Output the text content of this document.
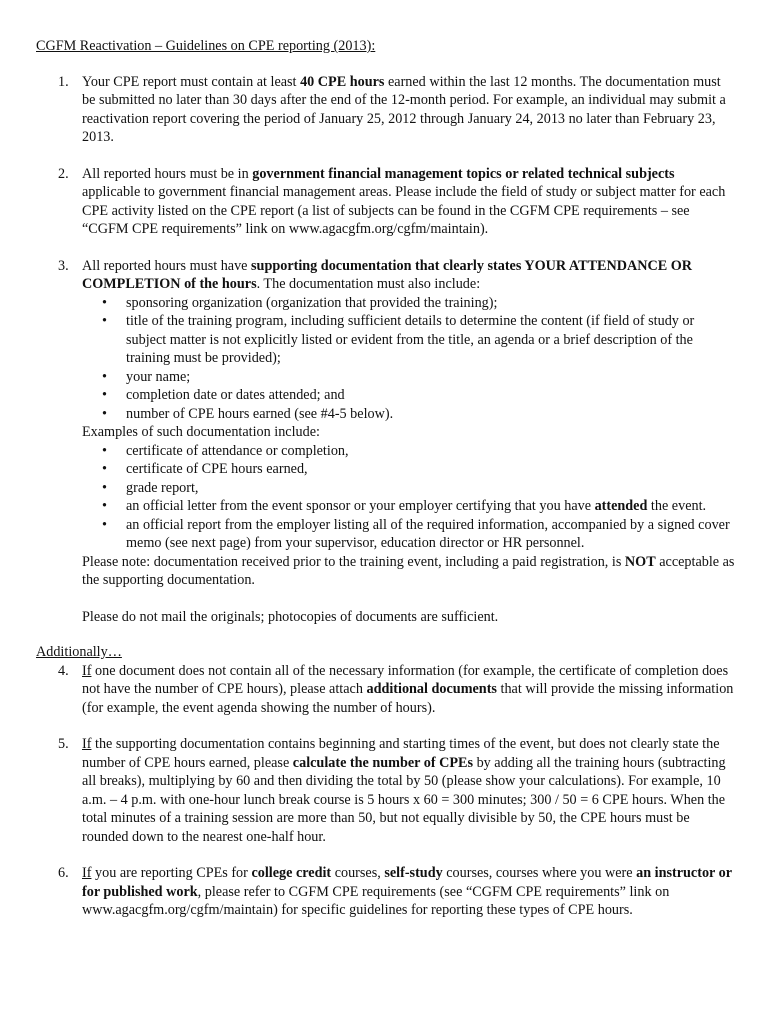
CGFM Reactivation – Guidelines on CPE reporting (2013):
1. Your CPE report must contain at least 40 CPE hours earned within the last 12 months. The documentation must be submitted no later than 30 days after the end of the 12-month period. For example, an individual may submit a reactivation report covering the period of January 25, 2012 through January 24, 2013 no later than February 23, 2013.

2. All reported hours must be in government financial management topics or related technical subjects applicable to government financial management areas. Please include the field of study or subject matter for each CPE activity listed on the CPE report (a list of subjects can be found in the CGFM CPE requirements – see “CGFM CPE requirements” link on www.agacgfm.org/cgfm/maintain).

3. All reported hours must have supporting documentation that clearly states YOUR ATTENDANCE OR COMPLETION of the hours. The documentation must also include:

• sponsoring organization (organization that provided the training);
• title of the training program, including sufficient details to determine the content (if field of study or subject matter is not explicitly listed or evident from the title, an agenda or a brief description of the training must be provided);
• your name;
• completion date or dates attended; and
• number of CPE hours earned (see #4-5 below).

Examples of such documentation include:

• certificate of attendance or completion,
• certificate of CPE hours earned,
• grade report,
• an official letter from the event sponsor or your employer certifying that you have attended the event.
• an official report from the employer listing all of the required information, accompanied by a signed cover memo (see next page) from your supervisor, education director or HR personnel.

Please note: documentation received prior to the training event, including a paid registration, is NOT acceptable as the supporting documentation.

Please do not mail the originals; photocopies of documents are sufficient.

Additionally…
4. If one document does not contain all of the necessary information (for example, the certificate of completion does not have the number of CPE hours), please attach additional documents that will provide the missing information (for example, the event agenda showing the number of hours).

5. If the supporting documentation contains beginning and starting times of the event, but does not clearly state the number of CPE hours earned, please calculate the number of CPEs by adding all the training hours (subtracting all breaks), multiplying by 60 and then dividing the total by 50 (please show your calculations). For example, 10 a.m. – 4 p.m. with one-hour lunch break course is 5 hours x 60 = 300 minutes; 300 / 50 = 6 CPE hours. When the total minutes of a training session are more than 50, but not equally divisible by 50, the CPE hours must be rounded down to the nearest one-half hour.

6. If you are reporting CPEs for college credit courses, self-study courses, courses where you were an instructor or for published work, please refer to CGFM CPE requirements (see “CGFM CPE requirements” link on www.agacgfm.org/cgfm/maintain) for specific guidelines for reporting these types of CPE hours.
